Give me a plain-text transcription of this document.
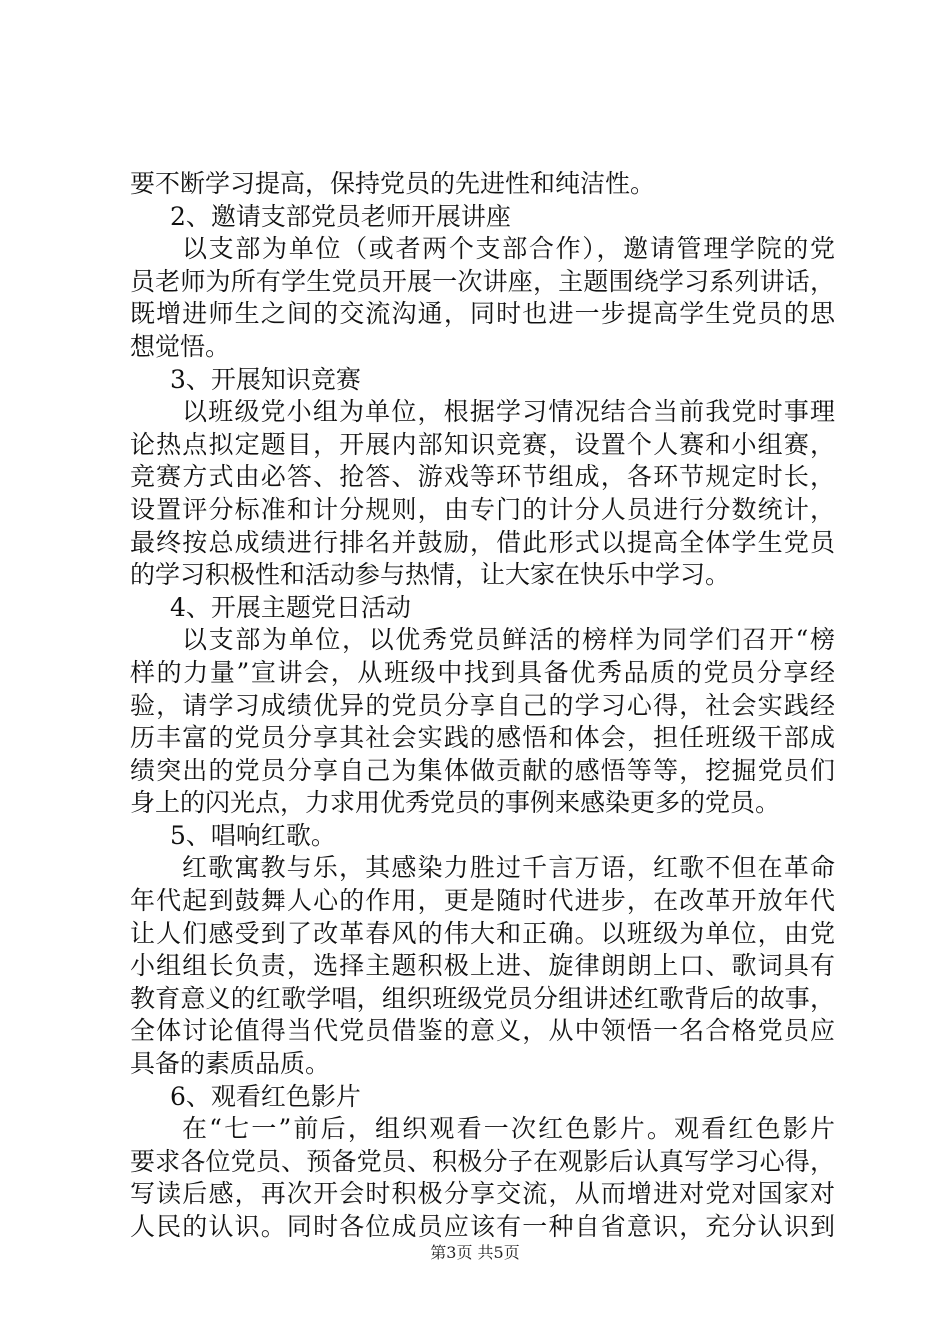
要不断学习提高，保持党员的先进性和纯洁性。
2、邀请支部党员老师开展讲座
以支部为单位（或者两个支部合作），邀请管理学院的党
员老师为所有学生党员开展一次讲座，主题围绕学习系列讲话，
既增进师生之间的交流沟通，同时也进一步提高学生党员的思
想觉悟。
3、开展知识竞赛
以班级党小组为单位，根据学习情况结合当前我党时事理
论热点拟定题目，开展内部知识竞赛，设置个人赛和小组赛，
竞赛方式由必答、抢答、游戏等环节组成，各环节规定时长，
设置评分标准和计分规则，由专门的计分人员进行分数统计，
最终按总成绩进行排名并鼓励，借此形式以提高全体学生党员
的学习积极性和活动参与热情，让大家在快乐中学习。
4、开展主题党日活动
以支部为单位，以优秀党员鲜活的榜样为同学们召开“榜
样的力量”宣讲会，从班级中找到具备优秀品质的党员分享经
验，请学习成绩优异的党员分享自己的学习心得，社会实践经
历丰富的党员分享其社会实践的感悟和体会，担任班级干部成
绩突出的党员分享自己为集体做贡献的感悟等等，挖掘党员们
身上的闪光点，力求用优秀党员的事例来感染更多的党员。
5、唱响红歌。
红歌寓教与乐，其感染力胜过千言万语，红歌不但在革命
年代起到鼓舞人心的作用，更是随时代进步，在改革开放年代
让人们感受到了改革春风的伟大和正确。以班级为单位，由党
小组组长负责，选择主题积极上进、旋律朗朗上口、歌词具有
教育意义的红歌学唱，组织班级党员分组讲述红歌背后的故事，
全体讨论值得当代党员借鉴的意义，从中领悟一名合格党员应
具备的素质品质。
6、观看红色影片
在“七一”前后，组织观看一次红色影片。观看红色影片
要求各位党员、预备党员、积极分子在观影后认真写学习心得，
写读后感，再次开会时积极分享交流，从而增进对党对国家对
人民的认识。同时各位成员应该有一种自省意识，充分认识到
第3页 共5页
